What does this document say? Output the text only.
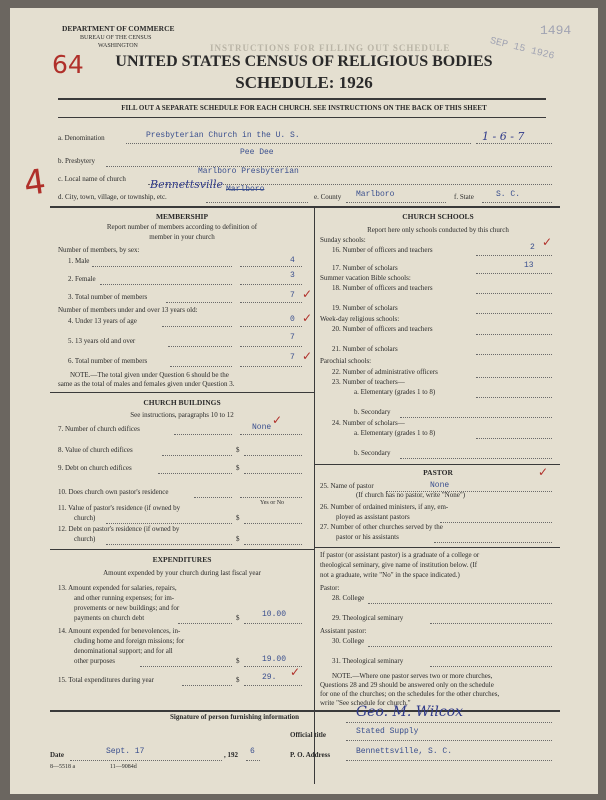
INSTRUCTIONS FOR FILLING OUT SCHEDULE
DEPARTMENT OF COMMERCE
BUREAU OF THE CENSUS
WASHINGTON
64
SEP 15 1926
1494
UNITED STATES CENSUS OF RELIGIOUS BODIES
SCHEDULE: 1926
FILL OUT A SEPARATE SCHEDULE FOR EACH CHURCH. SEE INSTRUCTIONS ON THE BACK OF THIS SHEET
a. Denomination	Presbyterian Church in the U. S.	1 - 6 - 7
b. Presbytery
Pee Dee
c. Local name of church
Marlboro Presbyterian
Bennettsville
4 d. City, town, village, or township, etc.
Marlboro
e. County Marlboro	f. State	S. C.
MEMBERSHIP
Report number of members according to definition of
member in your church
Number of members, by sex:
1. Male	4
2. Female	3
3. Total number of members	7
Number of members under and over 13 years old:
4. Under 13 years of age	0
5. 13 years old and over	7
6. Total number of members	7
✓
✓
✓
NOTE.—The total given under Question 6 should be the
same as the total of males and females given under Question 3.
CHURCH BUILDINGS
See instructions, paragraphs 10 to 12
7. Number of church edifices	None
✓
8. Value of church edifices	$
9. Debt on church edifices	$
10. Does church own pastor's residence
Yes or No
11. Value of pastor's residence (if owned by
church)	$
12. Debt on pastor's residence (if owned by
church)	$
EXPENDITURES
Amount expended by your church during last fiscal year
13. Amount expended for salaries, repairs,
and other running expenses; for im-
provements or new buildings; and for
payments on church debt	$	10.00
14. Amount expended for benevolences, in-
cluding home and foreign missions; for
denominational support; and for all
other purposes	$	19.00
15. Total expenditures during year	$	29. ✓
CHURCH SCHOOLS
Report here only schools conducted by this church
Sunday schools:
16. Number of officers and teachers	2 ✓
17. Number of scholars	13
Summer vacation Bible schools:
18. Number of officers and teachers
19. Number of scholars
Week-day religious schools:
20. Number of officers and teachers
21. Number of scholars
Parochial schools:
22. Number of administrative officers
23. Number of teachers—
a. Elementary (grades 1 to 8)
b. Secondary
24. Number of scholars—
a. Elementary (grades 1 to 8)
b. Secondary
PASTOR
25. Name of pastor	None
✓
(If church has no pastor, write "None")
26. Number of ordained ministers, if any, em-
ployed as assistant pastors
27. Number of other churches served by the
pastor or his assistants
If pastor (or assistant pastor) is a graduate of a college or
theological seminary, give name of institution below. (If
not a graduate, write "No" in the space indicated.)
Pastor:
28. College
29. Theological seminary
Assistant pastor:
30. College
31. Theological seminary
NOTE.—Where one pastor serves two or more churches,
Questions 28 and 29 should be answered only on the schedule
for one of the churches; on the schedules for the other churches,
write "See schedule for church."
Signature of person furnishing information	Geo. M. Wilcox
Official title	Stated Supply
Date	Sept. 17	, 192 6	P. O. Address	Bennettsville, S. C.
8—5518 a	11—9084d
